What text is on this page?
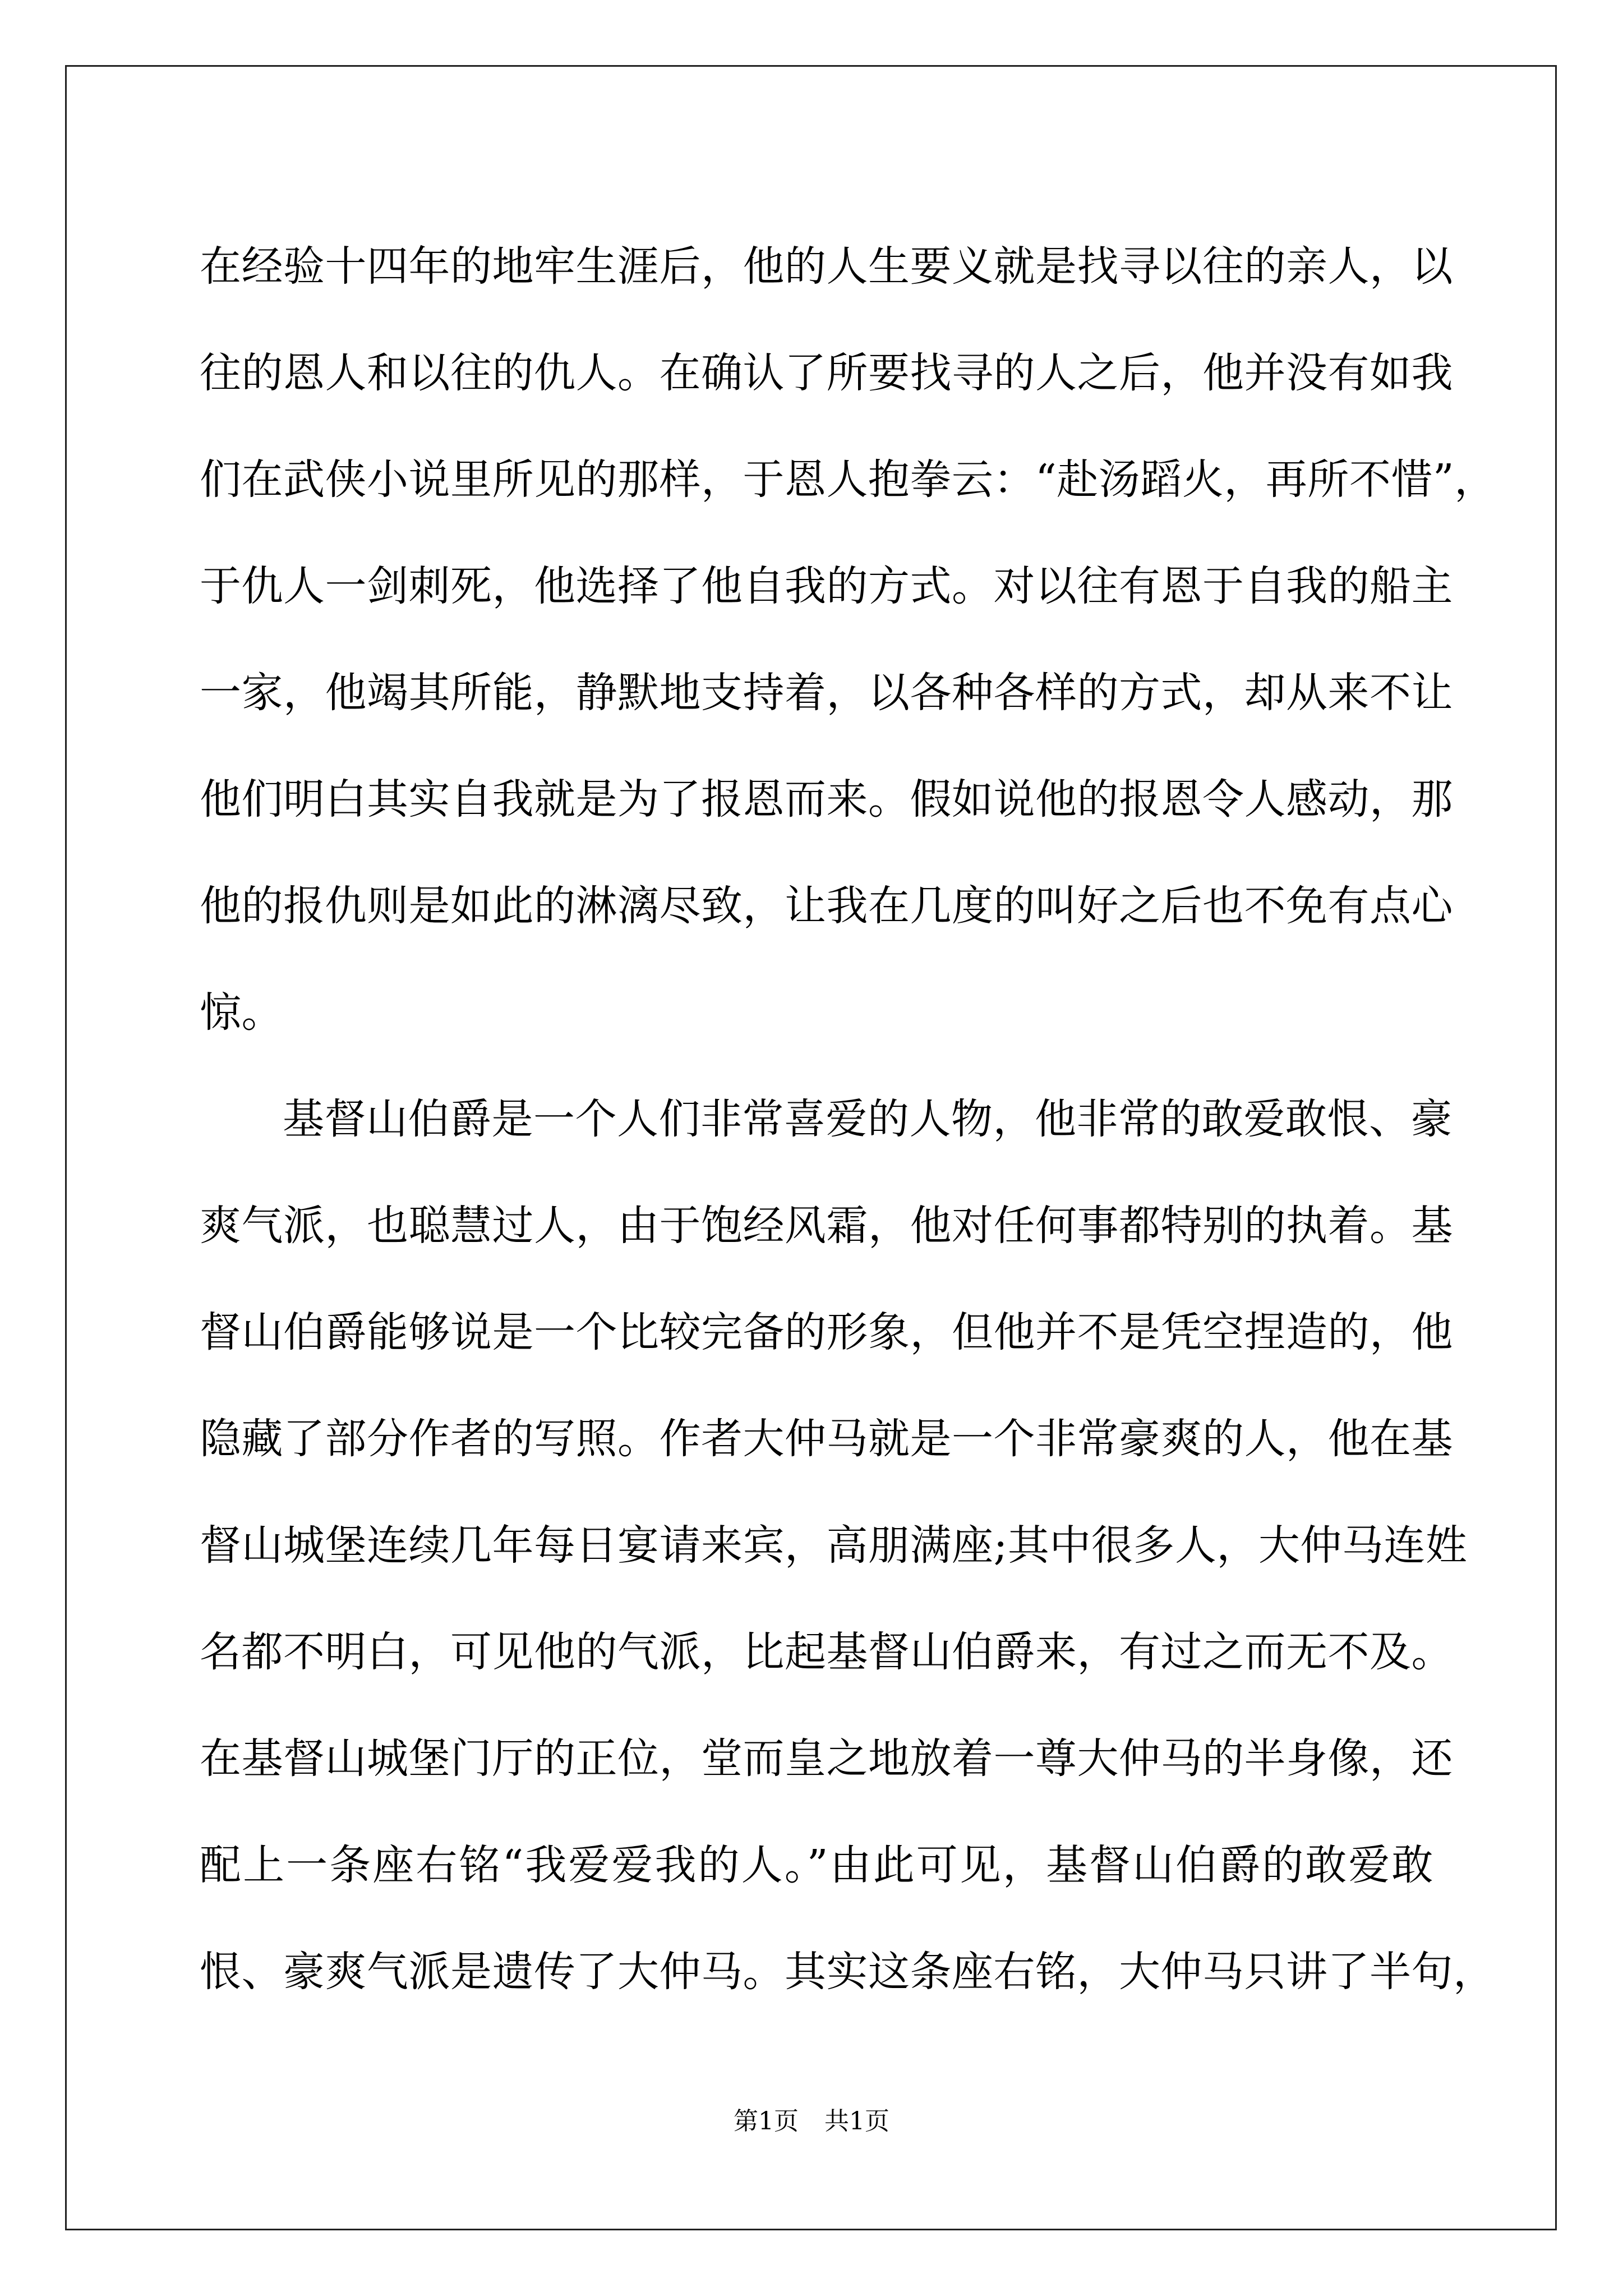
在经验十四年的地牢生涯后，他的人生要义就是找寻以往的亲人，以
往的恩人和以往的仇人。在确认了所要找寻的人之后，他并没有如我
们在武侠小说里所见的那样，于恩人抱拳云：“赴汤蹈火，再所不惜”，
于仇人一剑刺死，他选择了他自我的方式。对以往有恩于自我的船主
一家，他竭其所能，静默地支持着，以各种各样的方式，却从来不让
他们明白其实自我就是为了报恩而来。假如说他的报恩令人感动，那
他的报仇则是如此的淋漓尽致，让我在几度的叫好之后也不免有点心
惊。

基督山伯爵是一个人们非常喜爱的人物，他非常的敢爱敢恨、豪
爽气派，也聪慧过人，由于饱经风霜，他对任何事都特别的执着。基
督山伯爵能够说是一个比较完备的形象，但他并不是凭空捏造的，他
隐藏了部分作者的写照。作者大仲马就是一个非常豪爽的人，他在基
督山城堡连续几年每日宴请来宾，高朋满座;其中很多人，大仲马连姓
名都不明白，可见他的气派，比起基督山伯爵来，有过之而无不及。
在基督山城堡门厅的正位，堂而皇之地放着一尊大仲马的半身像，还
配上一条座右铭“我爱爱我的人。”由此可见，基督山伯爵的敢爱敢
恨、豪爽气派是遗传了大仲马。其实这条座右铭，大仲马只讲了半句，

第1页 共1页
